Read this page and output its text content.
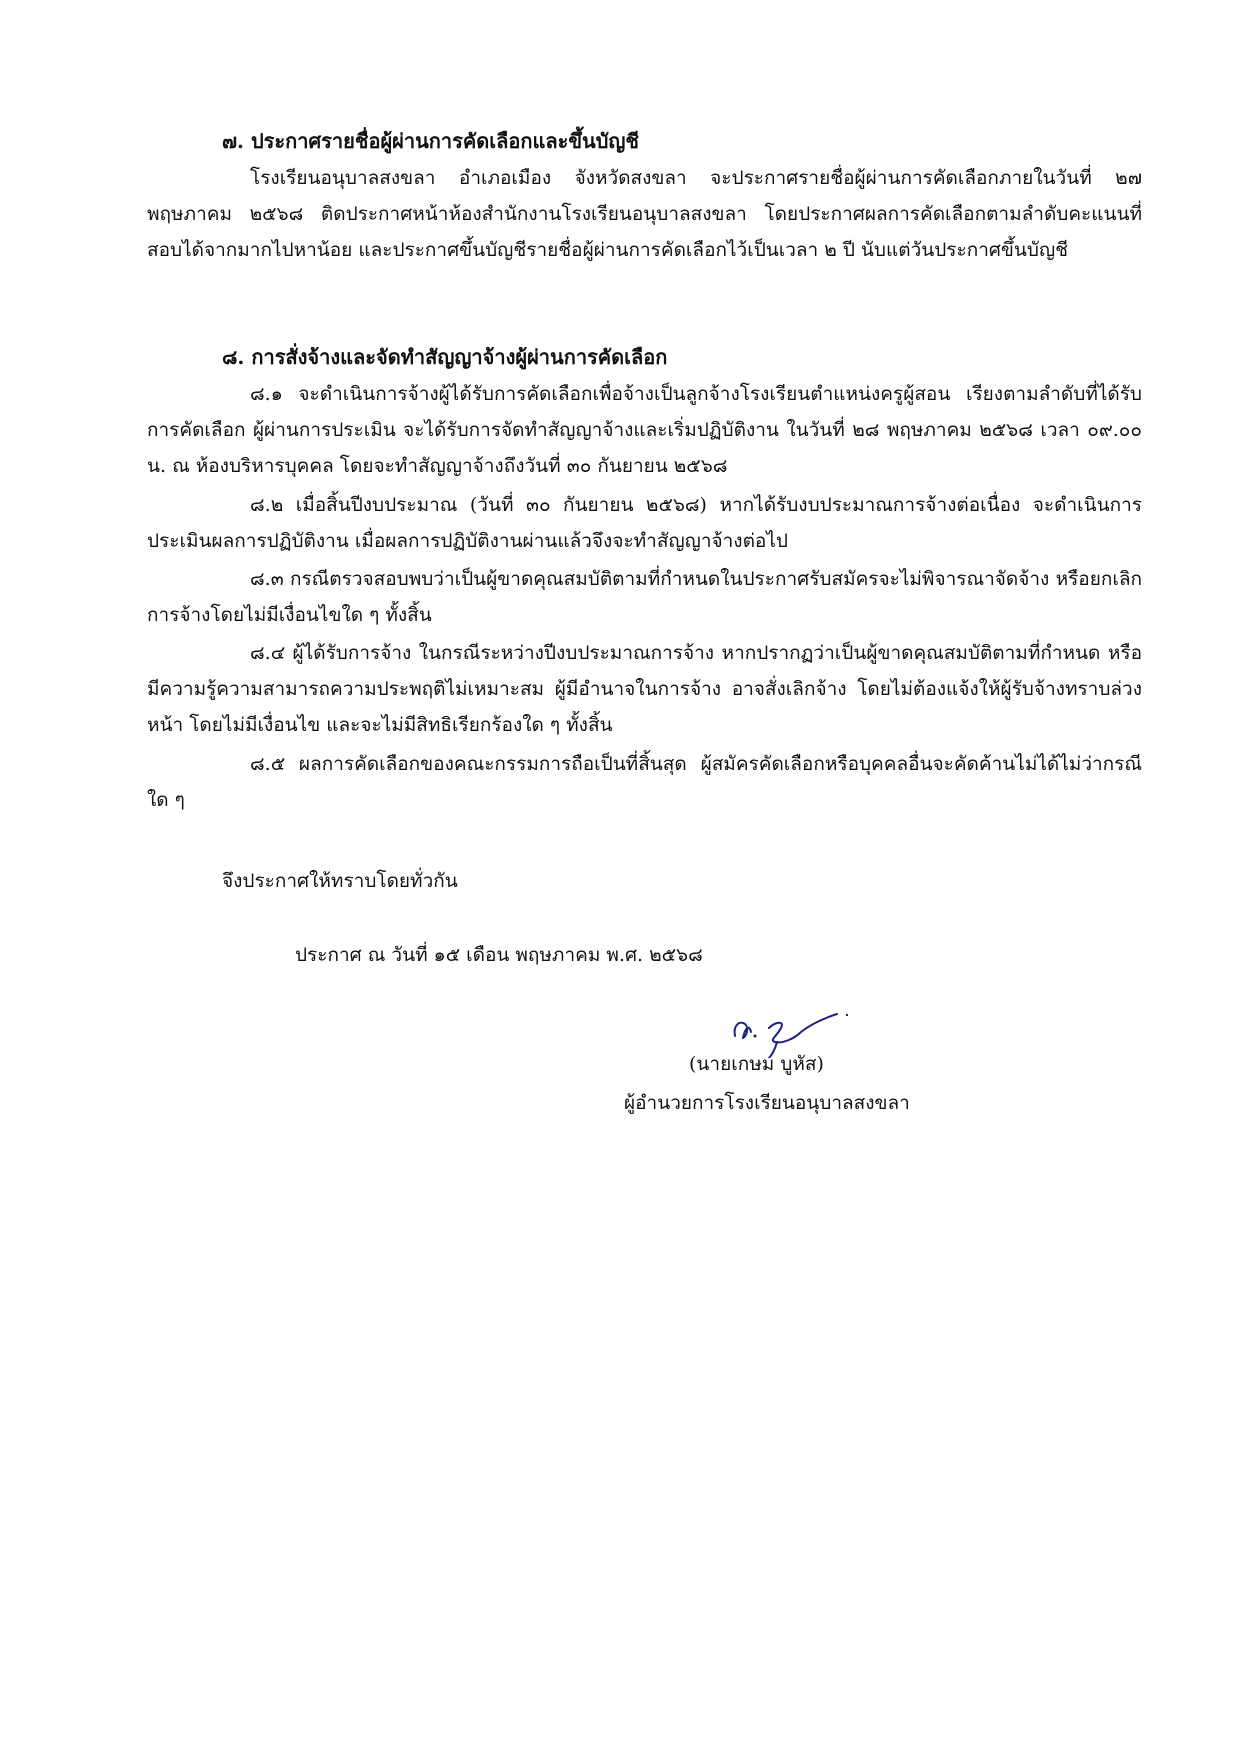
๗. ประกาศรายชื่อผู้ผ่านการคัดเลือกและขึ้นบัญชี
โรงเรียนอนุบาลสงขลา อำเภอเมือง จังหวัดสงขลา จะประกาศรายชื่อผู้ผ่านการคัดเลือกภายในวันที่ ๒๗ พฤษภาคม ๒๕๖๘ ติดประกาศหน้าห้องสำนักงานโรงเรียนอนุบาลสงขลา โดยประกาศผลการคัดเลือกตามลำดับคะแนนที่สอบได้จากมากไปหาน้อย และประกาศขึ้นบัญชีรายชื่อผู้ผ่านการคัดเลือกไว้เป็นเวลา ๒ ปี นับแต่วันประกาศขึ้นบัญชี
๘. การสั่งจ้างและจัดทำสัญญาจ้างผู้ผ่านการคัดเลือก
๘.๑ จะดำเนินการจ้างผู้ได้รับการคัดเลือกเพื่อจ้างเป็นลูกจ้างโรงเรียนตำแหน่งครูผู้สอน เรียงตามลำดับที่ได้รับการคัดเลือก ผู้ผ่านการประเมิน จะได้รับการจัดทำสัญญาจ้างและเริ่มปฏิบัติงาน ในวันที่ ๒๘ พฤษภาคม ๒๕๖๘ เวลา ๐๙.๐๐ น. ณ ห้องบริหารบุคคล โดยจะทำสัญญาจ้างถึงวันที่ ๓๐ กันยายน ๒๕๖๘
๘.๒ เมื่อสิ้นปีงบประมาณ (วันที่ ๓๐ กันยายน ๒๕๖๘) หากได้รับงบประมาณการจ้างต่อเนื่อง จะดำเนินการประเมินผลการปฏิบัติงาน เมื่อผลการปฏิบัติงานผ่านแล้วจึงจะทำสัญญาจ้างต่อไป
๘.๓ กรณีตรวจสอบพบว่าเป็นผู้ขาดคุณสมบัติตามที่กำหนดในประกาศรับสมัครจะไม่พิจารณาจัดจ้าง หรือยกเลิกการจ้างโดยไม่มีเงื่อนไขใด ๆ ทั้งสิ้น
๘.๔ ผู้ได้รับการจ้าง ในกรณีระหว่างปีงบประมาณการจ้าง หากปรากฏว่าเป็นผู้ขาดคุณสมบัติตามที่กำหนด หรือมีความรู้ความสามารถความประพฤติไม่เหมาะสม ผู้มีอำนาจในการจ้าง อาจสั่งเลิกจ้าง โดยไม่ต้องแจ้งให้ผู้รับจ้างทราบล่วงหน้า โดยไม่มีเงื่อนไข และจะไม่มีสิทธิเรียกร้องใด ๆ ทั้งสิ้น
๘.๕ ผลการคัดเลือกของคณะกรรมการถือเป็นที่สิ้นสุด ผู้สมัครคัดเลือกหรือบุคคลอื่นจะคัดค้านไม่ได้ไม่ว่ากรณีใด ๆ
จึงประกาศให้ทราบโดยทั่วกัน
ประกาศ ณ วันที่ ๑๕ เดือน พฤษภาคม พ.ศ. ๒๕๖๘
(นายเกษม บูหัส)
ผู้อำนวยการโรงเรียนอนุบาลสงขลา
